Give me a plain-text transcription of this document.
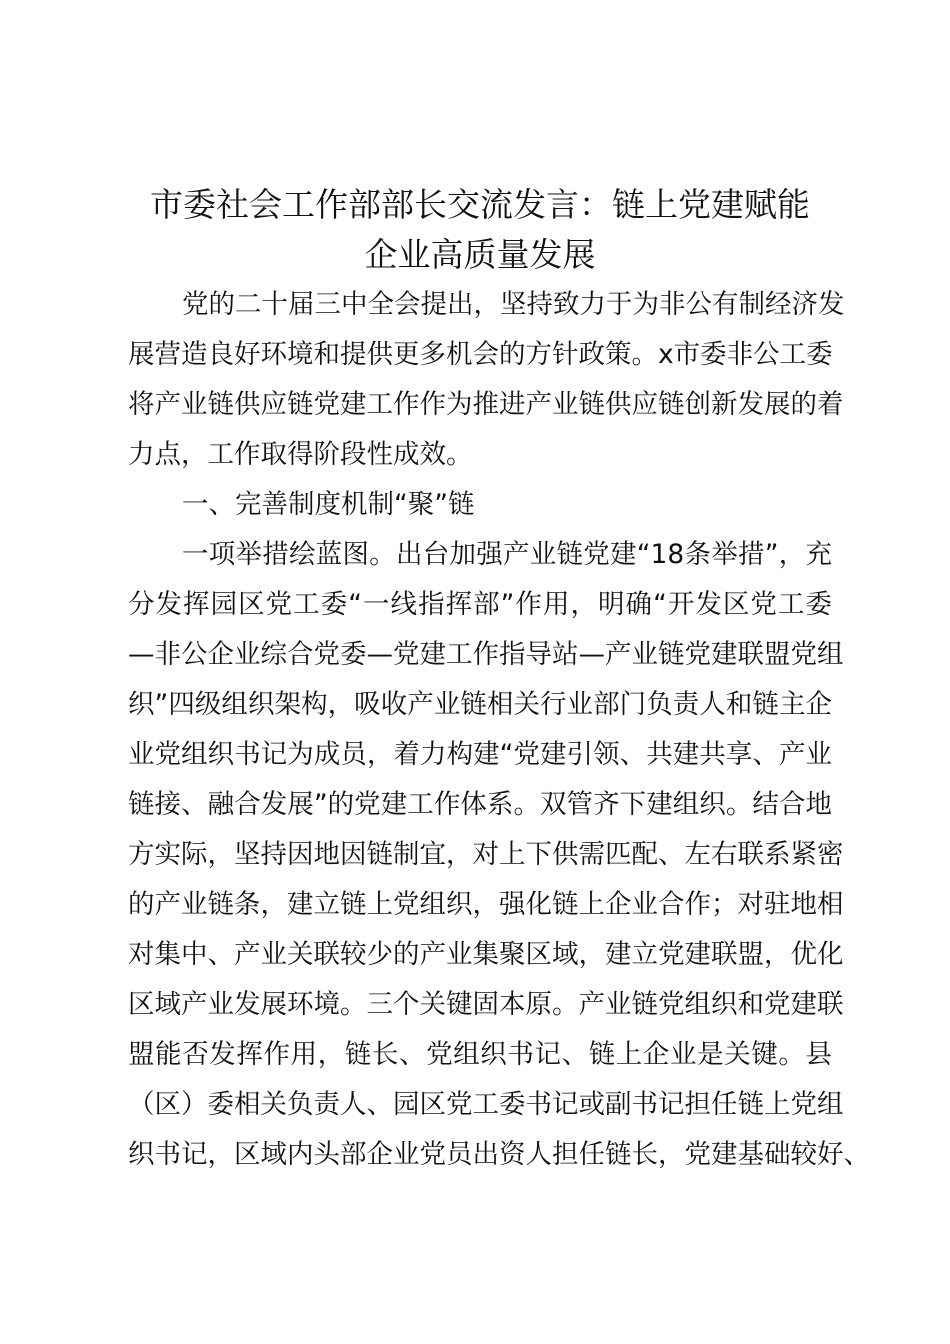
市委社会工作部部长交流发言：链上党建赋能
企业高质量发展
党的二十届三中全会提出，坚持致力于为非公有制经济发
展营造良好环境和提供更多机会的方针政策。x市委非公工委
将产业链供应链党建工作作为推进产业链供应链创新发展的着
力点，工作取得阶段性成效。
一、完善制度机制“聚”链
一项举措绘蓝图。出台加强产业链党建“18条举措”，充
分发挥园区党工委“一线指挥部”作用，明确“开发区党工委
—非公企业综合党委—党建工作指导站—产业链党建联盟党组
织”四级组织架构，吸收产业链相关行业部门负责人和链主企
业党组织书记为成员，着力构建“党建引领、共建共享、产业
链接、融合发展”的党建工作体系。双管齐下建组织。结合地
方实际，坚持因地因链制宜，对上下供需匹配、左右联系紧密
的产业链条，建立链上党组织，强化链上企业合作；对驻地相
对集中、产业关联较少的产业集聚区域，建立党建联盟，优化
区域产业发展环境。三个关键固本原。产业链党组织和党建联
盟能否发挥作用，链长、党组织书记、链上企业是关键。县
（区）委相关负责人、园区党工委书记或副书记担任链上党组
织书记，区域内头部企业党员出资人担任链长，党建基础较好、
